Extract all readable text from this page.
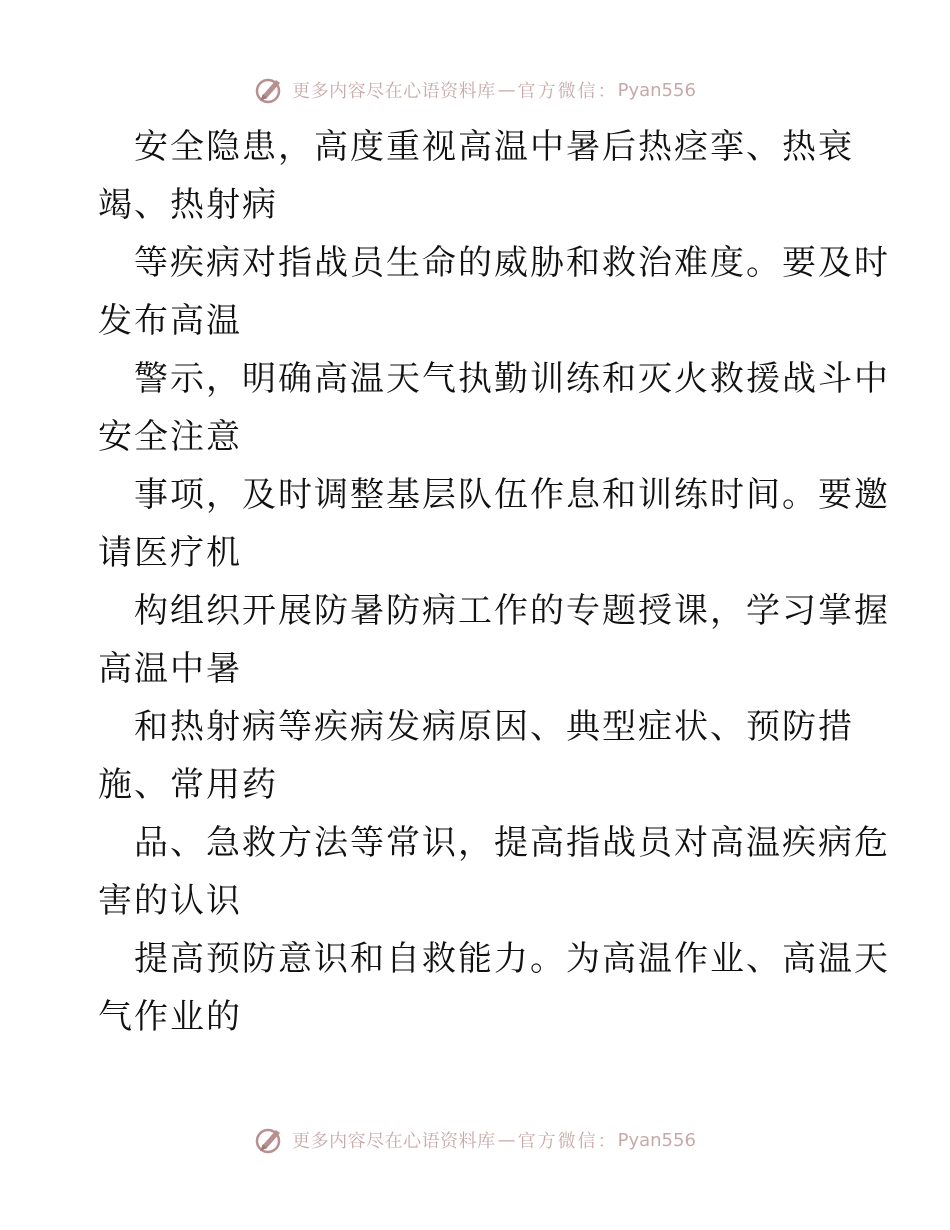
更多内容尽在心语资料库 — 官方微信： Pyan556
安全隐患，高度重视高温中暑后热痉挛、热衰
竭、热射病
等疾病对指战员生命的威胁和救治难度。要及时
发布高温
警示，明确高温天气执勤训练和灭火救援战斗中
安全注意
事项，及时调整基层队伍作息和训练时间。要邀
请医疗机
构组织开展防暑防病工作的专题授课，学习掌握
高温中暑
和热射病等疾病发病原因、典型症状、预防措
施、常用药
品、急救方法等常识，提高指战员对高温疾病危
害的认识
提高预防意识和自救能力。为高温作业、高温天
气作业的
更多内容尽在心语资料库 — 官方微信： Pyan556
